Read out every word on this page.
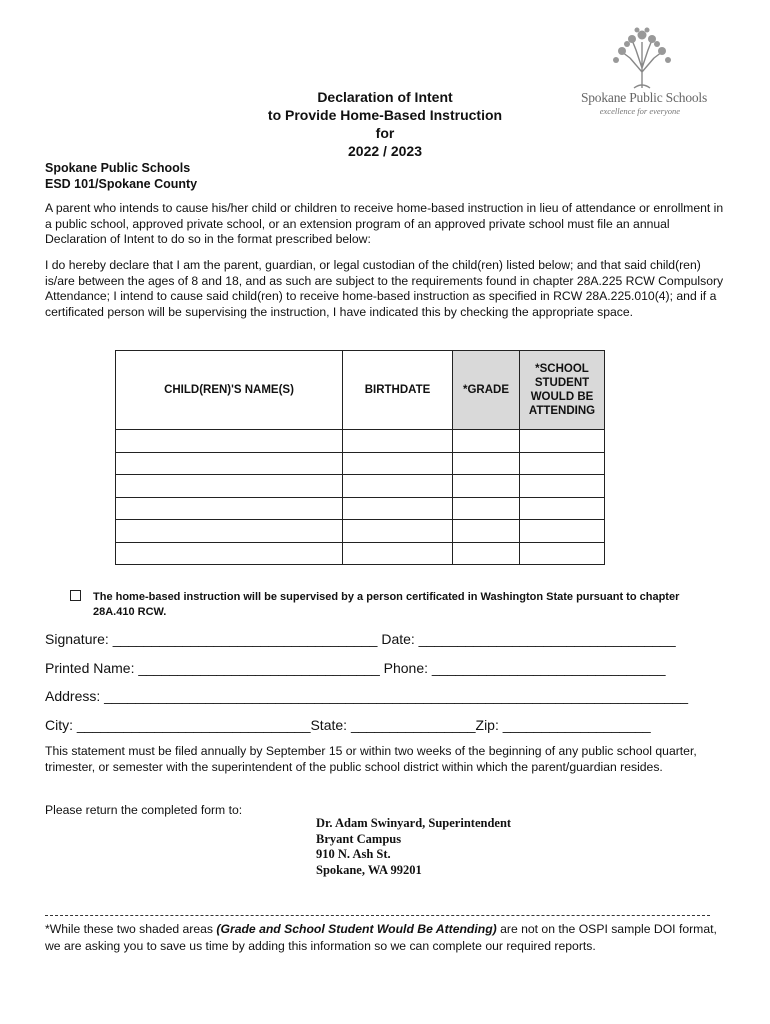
Spokane Public Schools
excellence for everyone
Declaration of Intent
to Provide Home-Based Instruction
for
2022 / 2023
Spokane Public Schools
ESD 101/Spokane County
A parent who intends to cause his/her child or children to receive home-based instruction in lieu of attendance or enrollment in a public school, approved private school, or an extension program of an approved private school must file an annual Declaration of Intent to do so in the format prescribed below:
I do hereby declare that I am the parent, guardian, or legal custodian of the child(ren) listed below; and that said child(ren) is/are between the ages of 8 and 18, and as such are subject to the requirements found in chapter 28A.225 RCW Compulsory Attendance; I intend to cause said child(ren) to receive home-based instruction as specified in RCW 28A.225.010(4); and if a certificated person will be supervising the instruction, I have indicated this by checking the appropriate space.
CHILD(REN)'S NAME(S)	BIRTHDATE	*GRADE	*SCHOOL STUDENT WOULD BE ATTENDING

The home-based instruction will be supervised by a person certificated in Washington State pursuant to chapter 28A.410 RCW.
Signature: __________________________________ Date: _________________________________
Printed Name: _______________________________ Phone: ______________________________
Address: ___________________________________________________________________________
City: ______________________________State: ________________Zip: ___________________
This statement must be filed annually by September 15 or within two weeks of the beginning of any public school quarter, trimester, or semester with the superintendent of the public school district within which the parent/guardian resides.
Please return the completed form to:
Dr. Adam Swinyard, Superintendent
Bryant Campus
910 N. Ash St.
Spokane, WA 99201
*While these two shaded areas (Grade and School Student Would Be Attending) are not on the OSPI sample DOI format, we are asking you to save us time by adding this information so we can complete our required reports.
